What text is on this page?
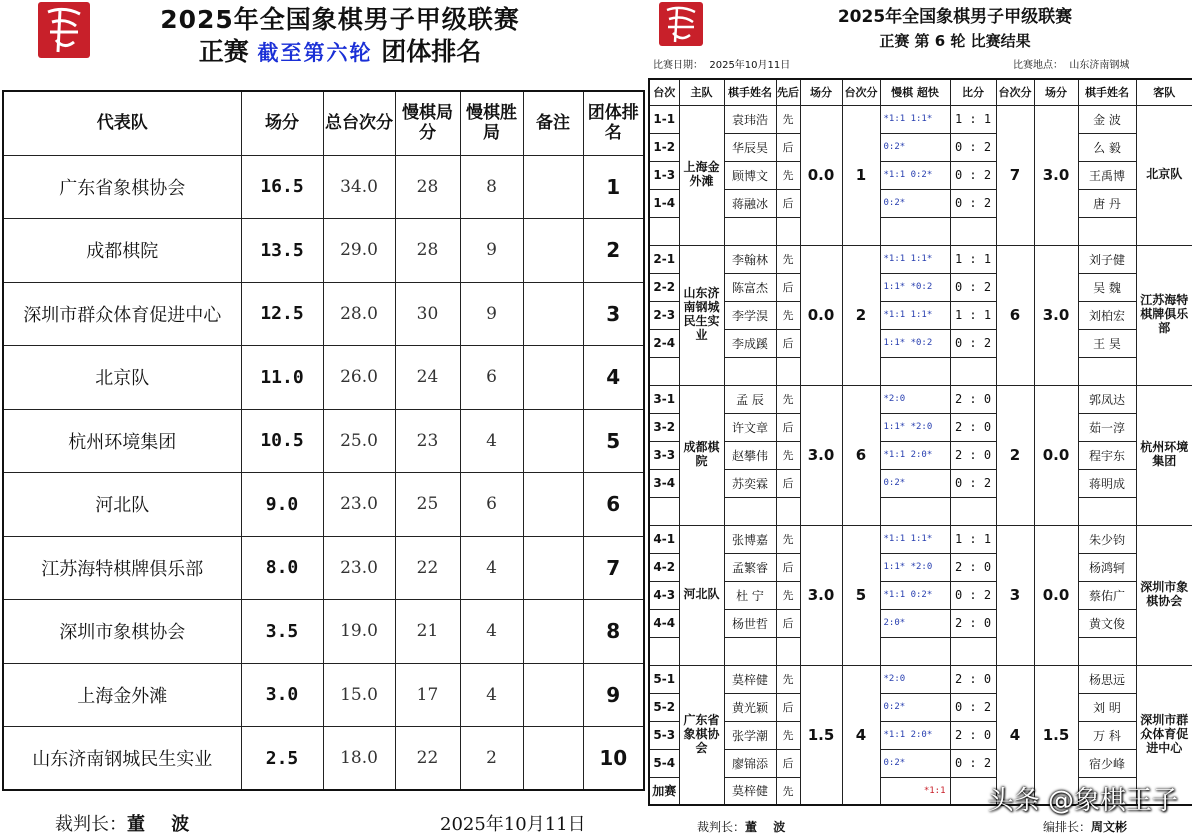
2025年全国象棋男子甲级联赛
正赛 截至第六轮 团体排名
代表队	场分	总台次分	慢棋局分	慢棋胜局	备注	团体排名
广东省象棋协会	16.5	34.0	28	8		1
成都棋院	13.5	29.0	28	9		2
深圳市群众体育促进中心	12.5	28.0	30	9		3
北京队	11.0	26.0	24	6		4
杭州环境集团	10.5	25.0	23	4		5
河北队	9.0	23.0	25	6		6
江苏海特棋牌俱乐部	8.0	23.0	22	4		7
深圳市象棋协会	3.5	19.0	21	4		8
上海金外滩	3.0	15.0	17	4		9
山东济南钢城民生实业	2.5	18.0	22	2		10
裁判长：董 波	2025年10月11日
2025年全国象棋男子甲级联赛
正赛 第 6 轮 比赛结果
比赛日期： 2025年10月11日	比赛地点： 山东济南钢城
台次	主队	棋手姓名	先后	场分	台次分	慢棋 超快	比分	台次分	场分	棋手姓名	客队
1-1	上海金外滩	袁玮浩	先	0.0	1	*1:1 1:1*	1 : 1	7	3.0	金 波	北京队
1-2		华辰昊	后			0:2*	0 : 2			么 毅	
1-3		顾博文	先			*1:1 0:2*	0 : 2			王禹博	
1-4		蒋融冰	后			0:2*	0 : 2			唐 丹	

2-1	山东济南钢城民生实业	李翰林	先	0.0	2	*1:1 1:1*	1 : 1	6	3.0	刘子健	江苏海特棋牌俱乐部
2-2		陈富杰	后			1:1* *0:2	0 : 2			吴 魏	
2-3		李学淏	先			*1:1 1:1*	1 : 1			刘柏宏	
2-4		李成蹊	后			1:1* *0:2	0 : 2			王 昊	

3-1	成都棋院	孟 辰	先	3.0	6	*2:0	2 : 0	2	0.0	郭凤达	杭州环境集团
3-2		许文章	后			1:1* *2:0	2 : 0			茹一淳	
3-3		赵攀伟	先			*1:1 2:0*	2 : 0			程宇东	
3-4		苏奕霖	后			0:2*	0 : 2			蒋明成	

4-1	河北队	张博嘉	先	3.0	5	*1:1 1:1*	1 : 1	3	0.0	朱少钧	深圳市象棋协会
4-2		孟繁睿	后			1:1* *2:0	2 : 0			杨鸿轲	
4-3		杜 宁	先			*1:1 0:2*	0 : 2			蔡佑广	
4-4		杨世哲	后			2:0*	2 : 0			黄文俊	

5-1	广东省象棋协会	莫梓健	先	1.5	4	*2:0	2 : 0	4	1.5	杨思远	深圳市群众体育促进中心
5-2		黄光颖	后			0:2*	0 : 2			刘 明	
5-3		张学潮	先			*1:1 2:0*	2 : 0			万 科	
5-4		廖锦添	后			0:2*	0 : 2			宿少峰	
加赛		莫梓健	先			*1:1					
裁判长：董 波	编排长：周文彬
头条 @象棋王子
